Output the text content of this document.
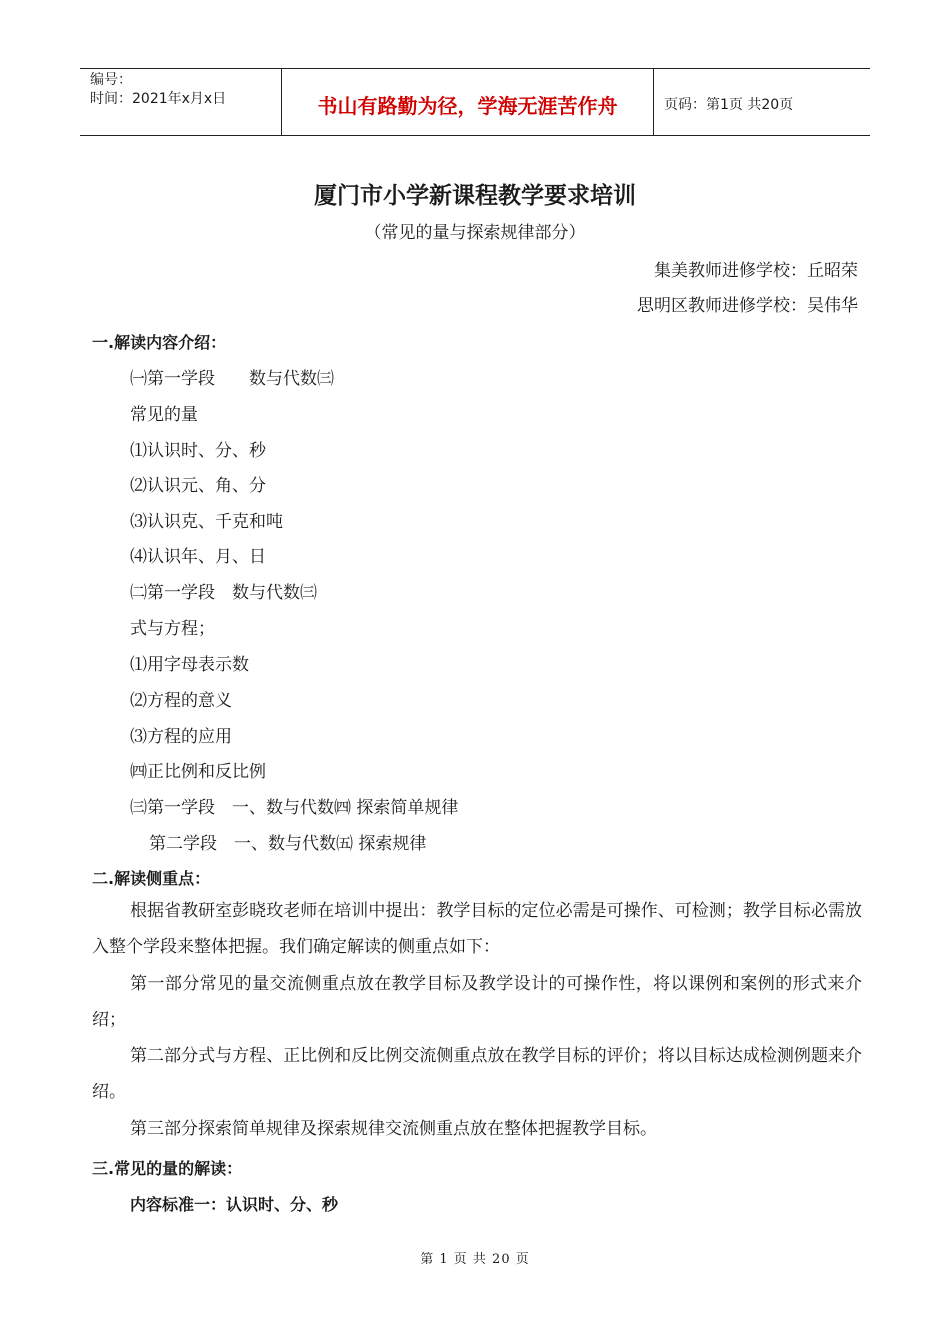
编号：
时间：2021年x月x日	书山有路勤为径，学海无涯苦作舟	页码：第1页 共20页
厦门市小学新课程教学要求培训
（常见的量与探索规律部分）
集美教师进修学校：丘昭荣
思明区教师进修学校：吴伟华
一.解读内容介绍：
㈠第一学段　　数与代数㈢
常见的量
⑴认识时、分、秒
⑵认识元、角、分
⑶认识克、千克和吨
⑷认识年、月、日
㈡第一学段　数与代数㈢
式与方程；
⑴用字母表示数
⑵方程的意义
⑶方程的应用
㈣正比例和反比例
㈢第一学段　一、数与代数㈣ 探索简单规律
第二学段　一、数与代数㈤ 探索规律
二.解读侧重点：
根据省教研室彭晓玫老师在培训中提出：教学目标的定位必需是可操作、可检测；教学目标必需放入整个学段来整体把握。我们确定解读的侧重点如下：
第一部分常见的量交流侧重点放在教学目标及教学设计的可操作性，将以课例和案例的形式来介绍；
第二部分式与方程、正比例和反比例交流侧重点放在教学目标的评价；将以目标达成检测例题来介绍。
第三部分探索简单规律及探索规律交流侧重点放在整体把握教学目标。
三.常见的量的解读：
内容标准一：认识时、分、秒
第 1 页 共 20 页
